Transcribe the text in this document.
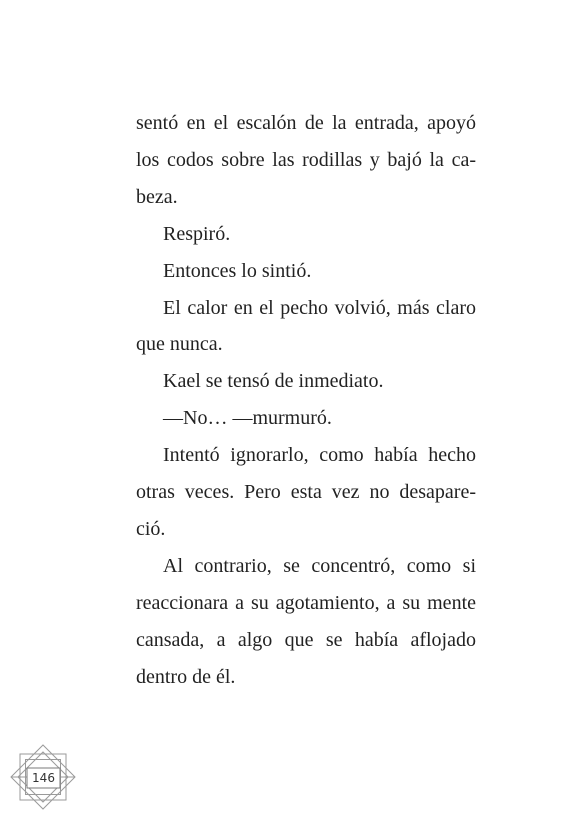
sentó en el escalón de la entrada, apoyó
los codos sobre las rodillas y bajó la ca-
beza.
Respiró.
Entonces lo sintió.
El calor en el pecho volvió, más claro
que nunca.
Kael se tensó de inmediato.
—No… —murmuró.
Intentó ignorarlo, como había hecho
otras veces. Pero esta vez no desapare-
ció.
Al contrario, se concentró, como si
reaccionara a su agotamiento, a su mente
cansada, a algo que se había aflojado
dentro de él.
146
